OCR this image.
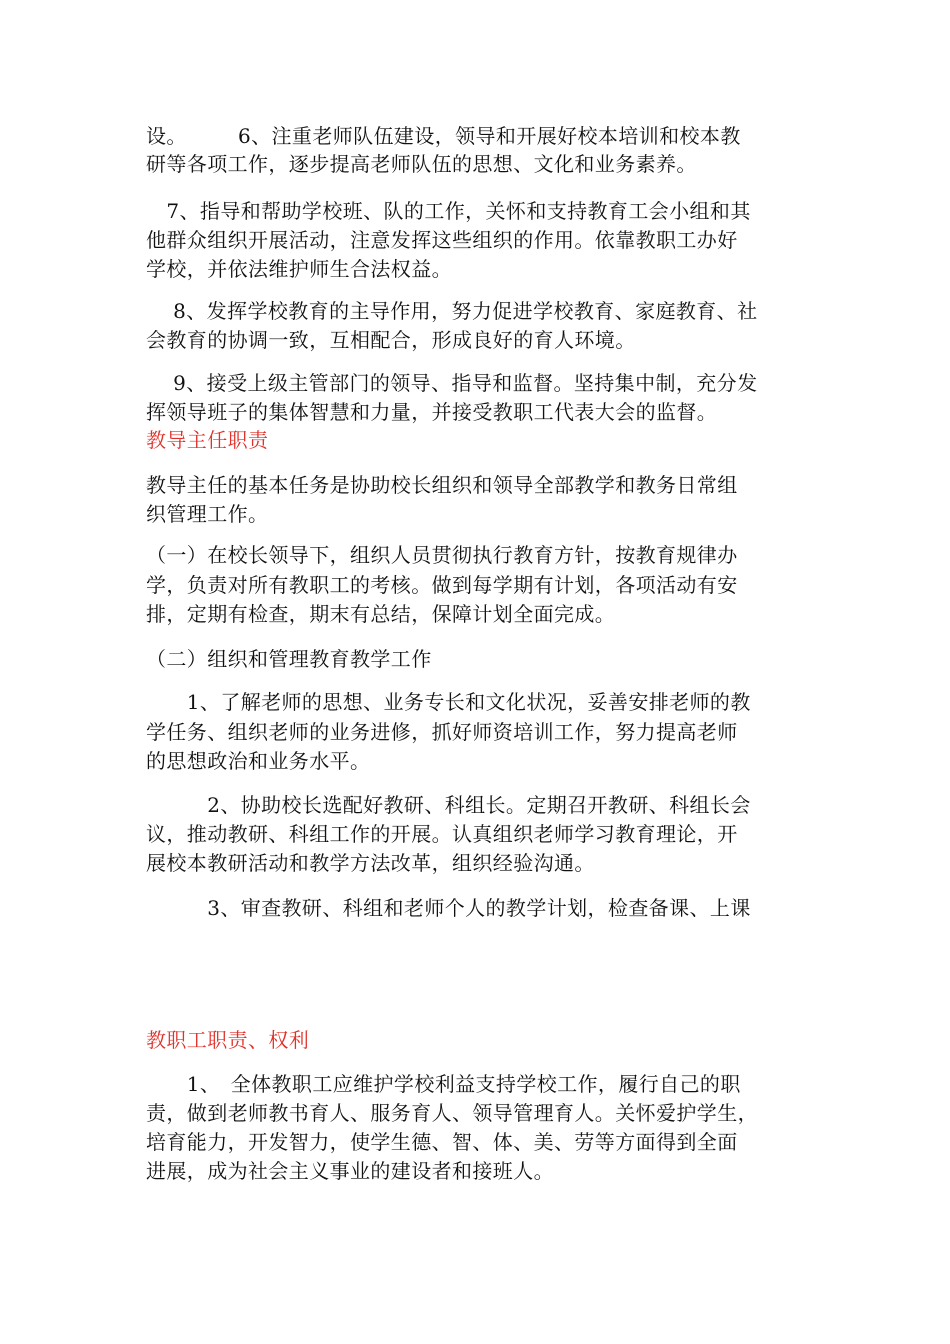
设。　　　6、注重老师队伍建设，领导和开展好校本培训和校本教
研等各项工作，逐步提高老师队伍的思想、文化和业务素养。
　7、指导和帮助学校班、队的工作，关怀和支持教育工会小组和其
他群众组织开展活动，注意发挥这些组织的作用。依靠教职工办好
学校，并依法维护师生合法权益。
　 8、发挥学校教育的主导作用，努力促进学校教育、家庭教育、社
会教育的协调一致，互相配合，形成良好的育人环境。
　 9、接受上级主管部门的领导、指导和监督。坚持集中制，充分发
挥领导班子的集体智慧和力量，并接受教职工代表大会的监督。
教导主任职责
教导主任的基本任务是协助校长组织和领导全部教学和教务日常组
织管理工作。
（一）在校长领导下，组织人员贯彻执行教育方针，按教育规律办
学，负责对所有教职工的考核。做到每学期有计划，各项活动有安
排，定期有检查，期末有总结，保障计划全面完成。
（二）组织和管理教育教学工作
　　1、了解老师的思想、业务专长和文化状况，妥善安排老师的教
学任务、组织老师的业务进修，抓好师资培训工作，努力提高老师
的思想政治和业务水平。
　　　2、协助校长选配好教研、科组长。定期召开教研、科组长会
议，推动教研、科组工作的开展。认真组织老师学习教育理论，开
展校本教研活动和教学方法改革，组织经验沟通。
　　　3、审查教研、科组和老师个人的教学计划，检查备课、上课
教职工职责、权利
　　1、　全体教职工应维护学校利益支持学校工作，履行自己的职
责，做到老师教书育人、服务育人、领导管理育人。关怀爱护学生，
培育能力，开发智力，使学生德、智、体、美、劳等方面得到全面
进展，成为社会主义事业的建设者和接班人。
